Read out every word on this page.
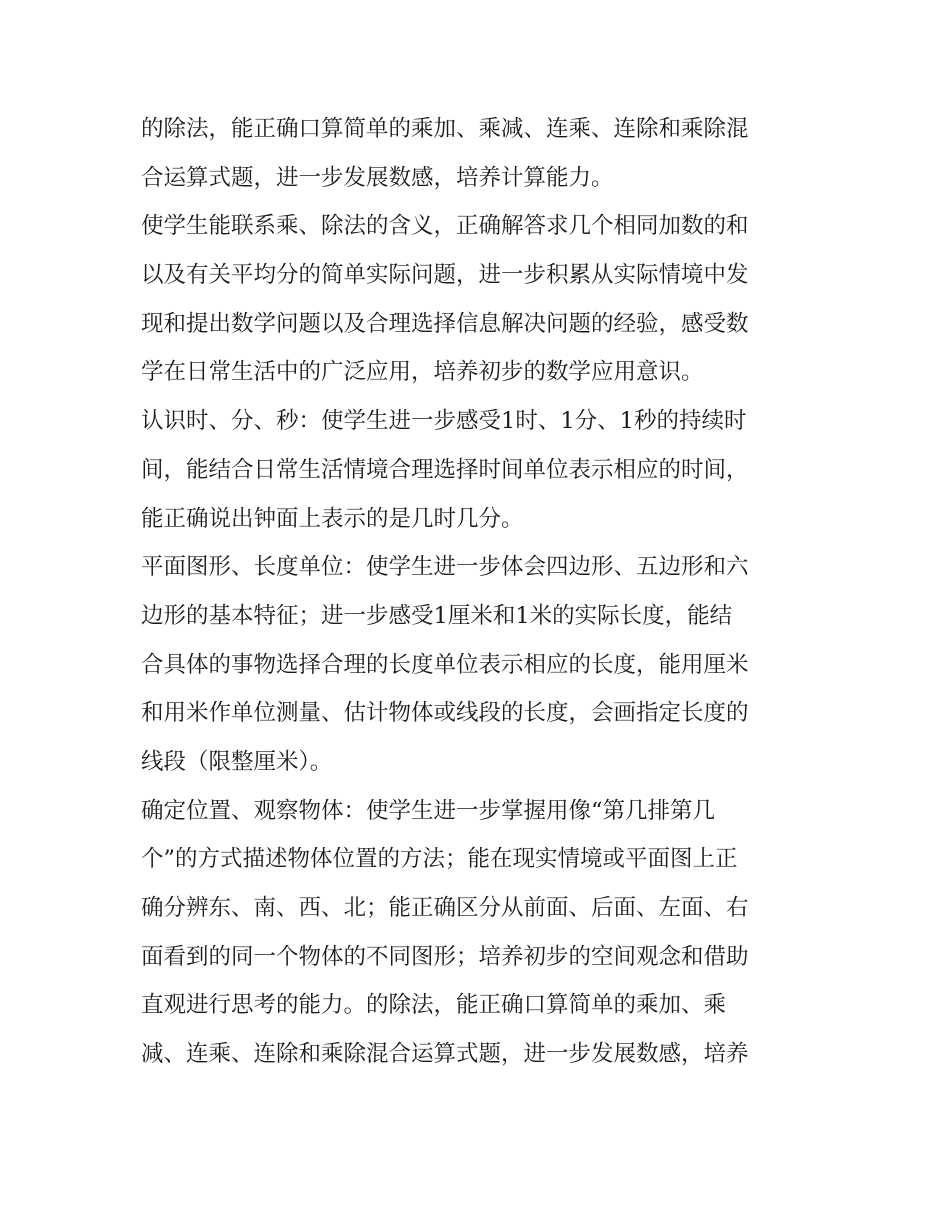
的除法，能正确口算简单的乘加、乘减、连乘、连除和乘除混
合运算式题，进一步发展数感，培养计算能力。
使学生能联系乘、除法的含义，正确解答求几个相同加数的和
以及有关平均分的简单实际问题，进一步积累从实际情境中发
现和提出数学问题以及合理选择信息解决问题的经验，感受数
学在日常生活中的广泛应用，培养初步的数学应用意识。
认识时、分、秒：使学生进一步感受1时、1分、1秒的持续时
间，能结合日常生活情境合理选择时间单位表示相应的时间，
能正确说出钟面上表示的是几时几分。
平面图形、长度单位：使学生进一步体会四边形、五边形和六
边形的基本特征；进一步感受1厘米和1米的实际长度，能结
合具体的事物选择合理的长度单位表示相应的长度，能用厘米
和用米作单位测量、估计物体或线段的长度，会画指定长度的
线段（限整厘米）。
确定位置、观察物体：使学生进一步掌握用像“第几排第几
个”的方式描述物体位置的方法；能在现实情境或平面图上正
确分辨东、南、西、北；能正确区分从前面、后面、左面、右
面看到的同一个物体的不同图形；培养初步的空间观念和借助
直观进行思考的能力。的除法，能正确口算简单的乘加、乘
减、连乘、连除和乘除混合运算式题，进一步发展数感，培养
